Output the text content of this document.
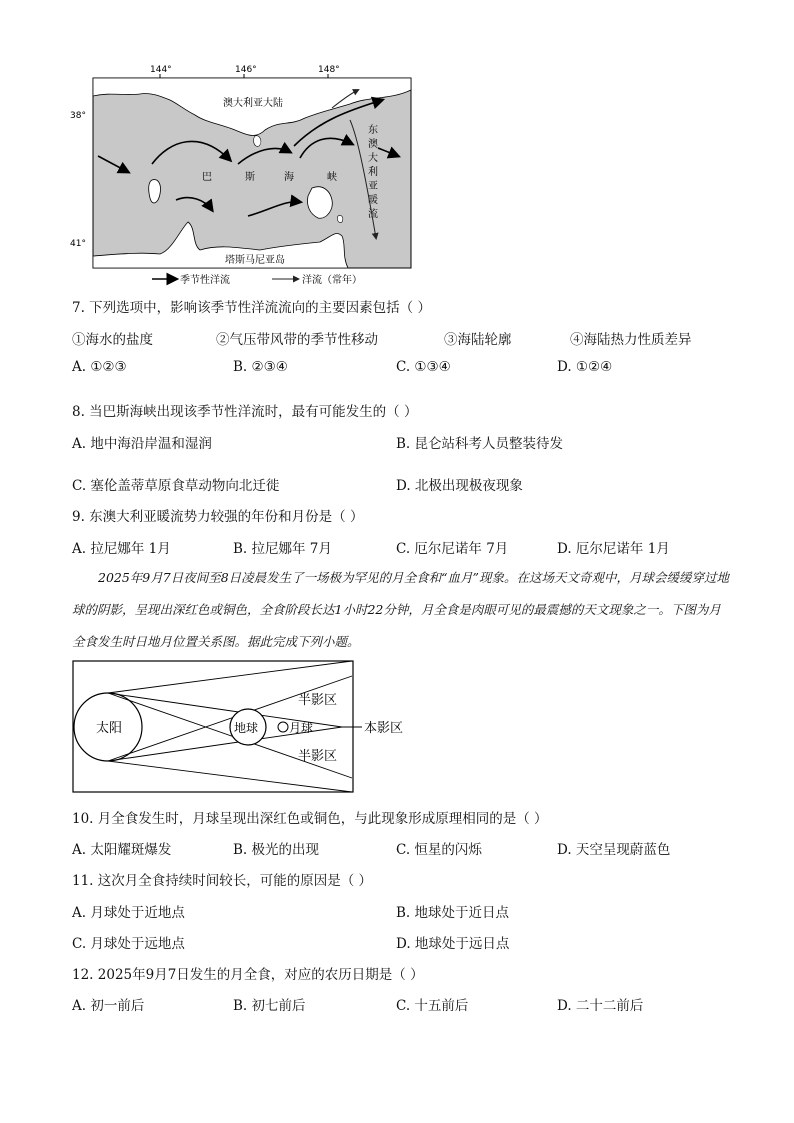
144°	146°	148°
38°
41°
澳大利亚大陆
巴	斯	海	峡
东
澳
大
利
亚
暖
流
塔斯马尼亚岛
季节性洋流	洋流（常年）
7. 下列选项中，影响该季节性洋流流向的主要因素包括（ ）
①海水的盐度	②气压带风带的季节性移动	③海陆轮廓	④海陆热力性质差异
A. ①②③	B. ②③④	C. ①③④	D. ①②④
8. 当巴斯海峡出现该季节性洋流时，最有可能发生的（ ）
A. 地中海沿岸温和湿润	B. 昆仑站科考人员整装待发
C. 塞伦盖蒂草原食草动物向北迁徙	D. 北极出现极夜现象
9. 东澳大利亚暖流势力较强的年份和月份是（ ）
A. 拉尼娜年 1月	B. 拉尼娜年 7月	C. 厄尔尼诺年 7月	D. 厄尔尼诺年 1月
2025年9月7日夜间至8日凌晨发生了一场极为罕见的月全食和“血月”现象。在这场天文奇观中，月球会缓缓穿过地球的阴影，呈现出深红色或铜色，全食阶段长达1小时22分钟，月全食是肉眼可见的最震撼的天文现象之一。下图为月全食发生时日地月位置关系图。据此完成下列小题。
太阳	地球	月球
半影区
半影区
本影区
10. 月全食发生时，月球呈现出深红色或铜色，与此现象形成原理相同的是（ ）
A. 太阳耀斑爆发	B. 极光的出现	C. 恒星的闪烁	D. 天空呈现蔚蓝色
11. 这次月全食持续时间较长，可能的原因是（ ）
A. 月球处于近地点	B. 地球处于近日点
C. 月球处于远地点	D. 地球处于远日点
12. 2025年9月7日发生的月全食，对应的农历日期是（ ）
A. 初一前后	B. 初七前后	C. 十五前后	D. 二十二前后
